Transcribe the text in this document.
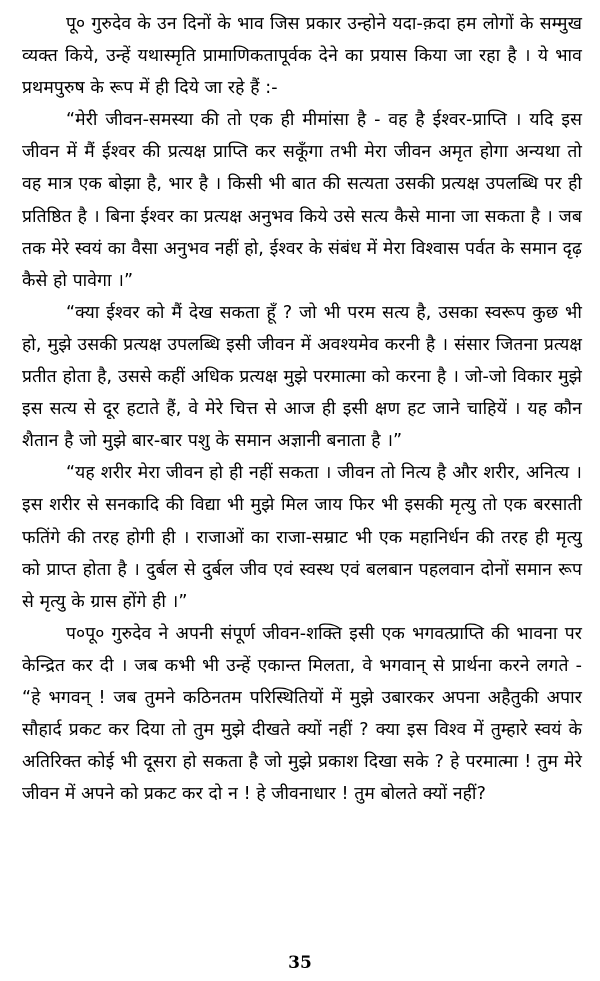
पू० गुरुदेव के उन दिनों के भाव जिस प्रकार उन्होने यदा-क़दा हम लोगों के सम्मुख व्यक्त किये, उन्हें यथास्मृति प्रामाणिकतापूर्वक देने का प्रयास किया जा रहा है । ये भाव प्रथमपुरुष के रूप में ही दिये जा रहे हैं :-

“मेरी जीवन-समस्या की तो एक ही मीमांसा है - वह है ईश्वर-प्राप्ति । यदि इस जीवन में मैं ईश्वर की प्रत्यक्ष प्राप्ति कर सकूँगा तभी मेरा जीवन अमृत होगा अन्यथा तो वह मात्र एक बोझा है, भार है । किसी भी बात की सत्यता उसकी प्रत्यक्ष उपलब्धि पर ही प्रतिष्ठित है । बिना ईश्वर का प्रत्यक्ष अनुभव किये उसे सत्य कैसे माना जा सकता है । जब तक मेरे स्वयं का वैसा अनुभव नहीं हो, ईश्वर के संबंध में मेरा विश्वास पर्वत के समान दृढ़ कैसे हो पावेगा ।”

“क्या ईश्वर को मैं देख सकता हूँ ? जो भी परम सत्य है, उसका स्वरूप कुछ भी हो, मुझे उसकी प्रत्यक्ष उपलब्धि इसी जीवन में अवश्यमेव करनी है । संसार जितना प्रत्यक्ष प्रतीत होता है, उससे कहीं अधिक प्रत्यक्ष मुझे परमात्मा को करना है । जो-जो विकार मुझे इस सत्य से दूर हटाते हैं, वे मेरे चित्त से आज ही इसी क्षण हट जाने चाहियें । यह कौन शैतान है जो मुझे बार-बार पशु के समान अज्ञानी बनाता है ।”

“यह शरीर मेरा जीवन हो ही नहीं सकता । जीवन तो नित्य है और शरीर, अनित्य । इस शरीर से सनकादि की विद्या भी मुझे मिल जाय फिर भी इसकी मृत्यु तो एक बरसाती फतिंगे की तरह होगी ही । राजाओं का राजा-सम्राट भी एक महानिर्धन की तरह ही मृत्यु को प्राप्त होता है । दुर्बल से दुर्बल जीव एवं स्वस्थ एवं बलबान पहलवान दोनों समान रूप से मृत्यु के ग्रास होंगे ही ।”

प०पू० गुरुदेव ने अपनी संपूर्ण जीवन-शक्ति इसी एक भगवत्प्राप्ति की भावना पर केन्द्रित कर दी । जब कभी भी उन्हें एकान्त मिलता, वे भगवान् से प्रार्थना करने लगते - “हे भगवन् ! जब तुमने कठिनतम परिस्थितियों में मुझे उबारकर अपना अहैतुकी अपार सौहार्द प्रकट कर दिया तो तुम मुझे दीखते क्यों नहीं ? क्या इस विश्व में तुम्हारे स्वयं के अतिरिक्त कोई भी दूसरा हो सकता है जो मुझे प्रकाश दिखा सके ? हे परमात्मा ! तुम मेरे जीवन में अपने को प्रकट कर दो न ! हे जीवनाधार ! तुम बोलते क्यों नहीं?

35
